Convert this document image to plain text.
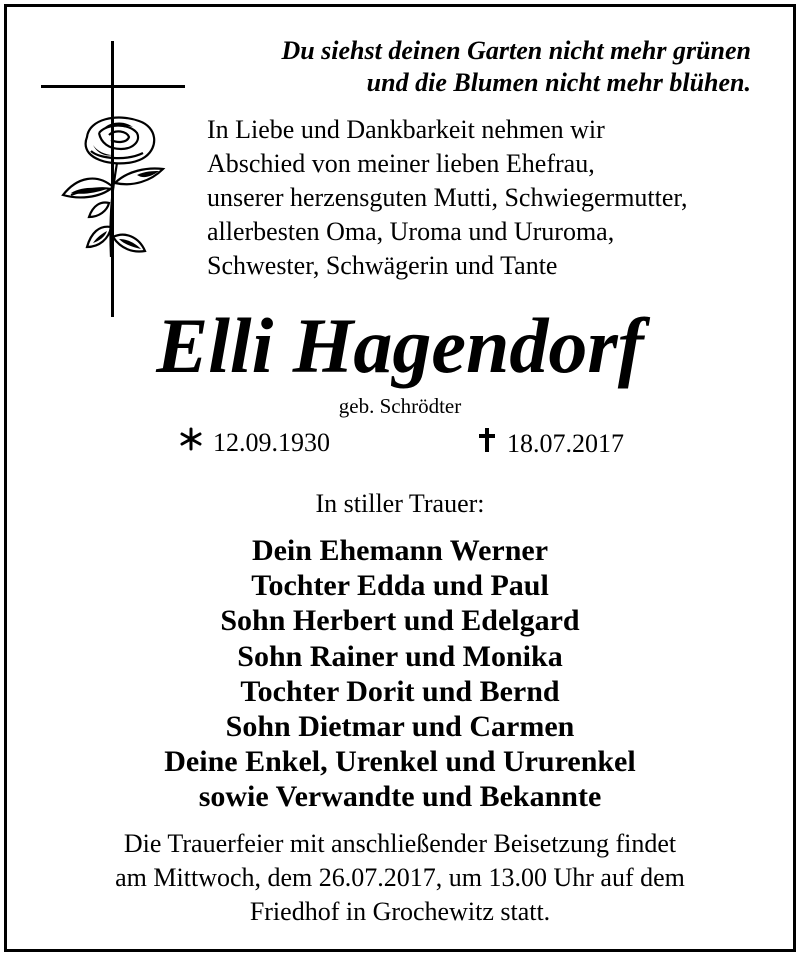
Du siehst deinen Garten nicht mehr grünen
und die Blumen nicht mehr blühen.
In Liebe und Dankbarkeit nehmen wir
Abschied von meiner lieben Ehefrau,
unserer herzensguten Mutti, Schwiegermutter,
allerbesten Oma, Uroma und Ururoma,
Schwester, Schwägerin und Tante
Elli Hagendorf
geb. Schrödter
12.09.1930	18.07.2017
In stiller Trauer:
Dein Ehemann Werner
Tochter Edda und Paul
Sohn Herbert und Edelgard
Sohn Rainer und Monika
Tochter Dorit und Bernd
Sohn Dietmar und Carmen
Deine Enkel, Urenkel und Ururenkel
sowie Verwandte und Bekannte
Die Trauerfeier mit anschließender Beisetzung findet
am Mittwoch, dem 26.07.2017, um 13.00 Uhr auf dem
Friedhof in Grochewitz statt.
